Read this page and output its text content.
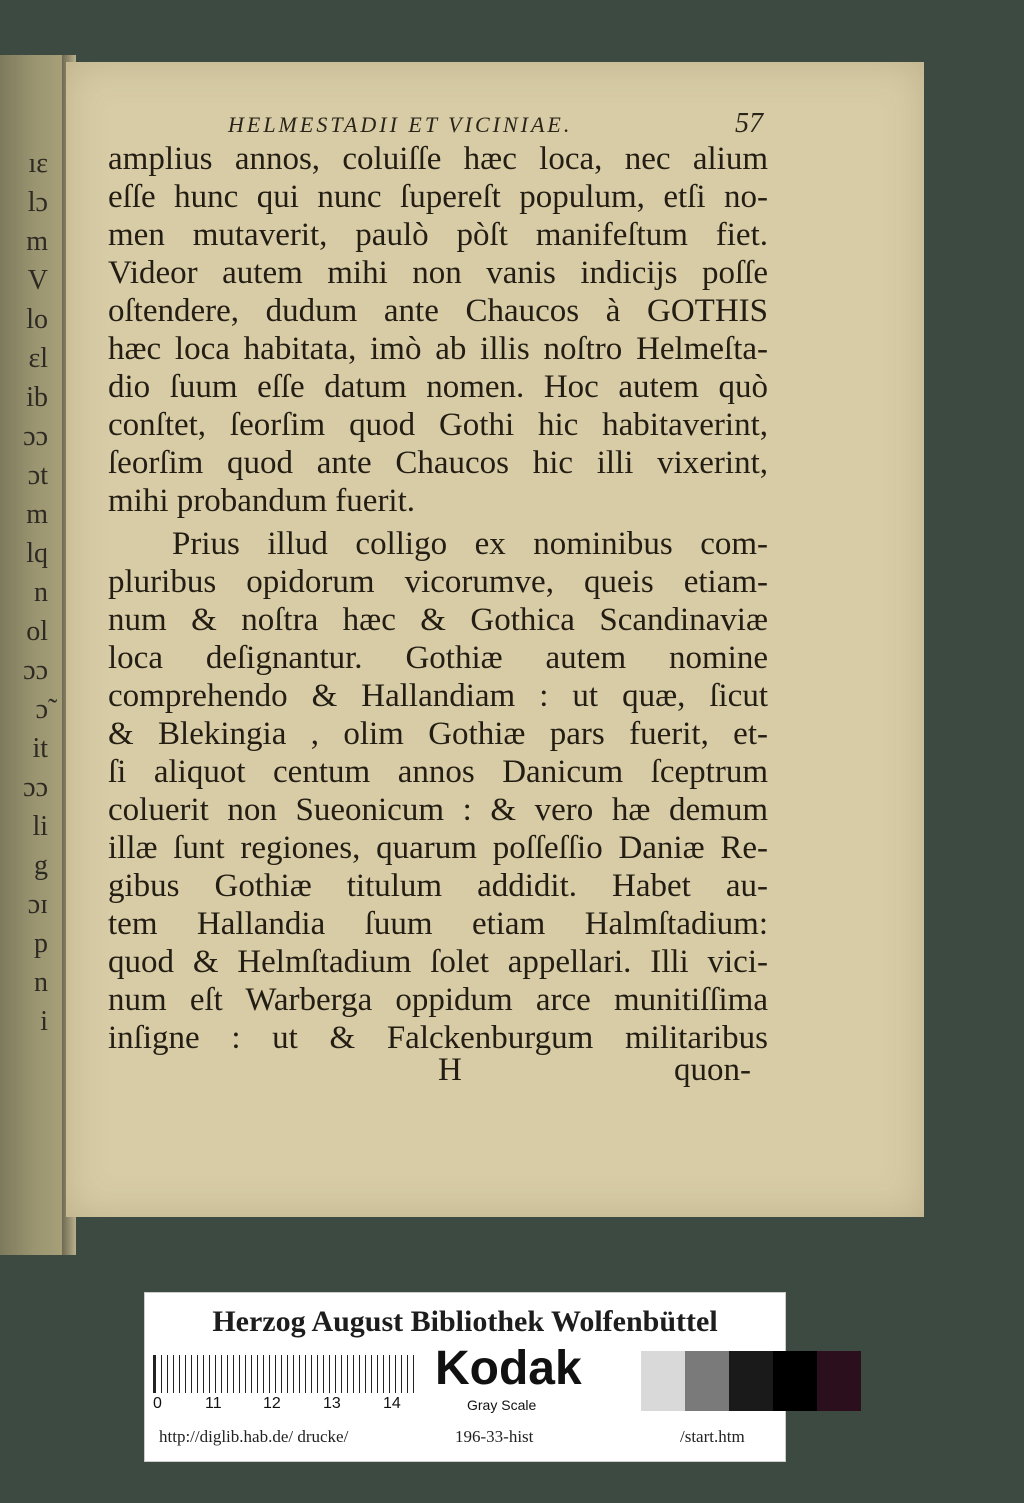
ıε
lɔ
m
V
lo
ɛl
ib
ɔɔ
ɔt
m
lq
n
ol
ɔɔ
ɔ̃
it
ɔɔ
li
g
ɔɪ
p
n
i
HELMESTADII ET VICINIAE.	57
amplius annos, coluiſſe hæc loca, nec alium
eſſe hunc qui nunc ſupereſt populum, etſi no-
men mutaverit, paulò pòſt manifeſtum fiet.
Videor autem mihi non vanis indicijs poſſe
oſtendere, dudum ante Chaucos à GOTHIS
hæc loca habitata, imò ab illis noſtro Helmeſta-
dio ſuum eſſe datum nomen. Hoc autem quò
conſtet, ſeorſim quod Gothi hic habitaverint,
ſeorſim quod ante Chaucos hic illi vixerint,
mihi probandum fuerit.
Prius illud colligo ex nominibus com-
pluribus opidorum vicorumve, queis etiam-
num & noſtra hæc & Gothica Scandinaviæ
loca deſignantur. Gothiæ autem nomine
comprehendo & Hallandiam : ut quæ, ſicut
& Blekingia , olim Gothiæ pars fuerit, et-
ſi aliquot centum annos Danicum ſceptrum
coluerit non Sueonicum : & vero hæ demum
illæ ſunt regiones, quarum poſſeſſio Daniæ Re-
gibus Gothiæ titulum addidit. Habet au-
tem Hallandia ſuum etiam Halmſtadium:
quod & Helmſtadium ſolet appellari. Illi vici-
num eſt Warberga oppidum arce munitiſſima
inſigne : ut & Falckenburgum militaribus
H	quon-
Herzog August Bibliothek Wolfenbüttel
0	11	12	13	14
Kodak
Gray Scale
http://diglib.hab.de/ drucke/	196-33-hist	/start.htm
